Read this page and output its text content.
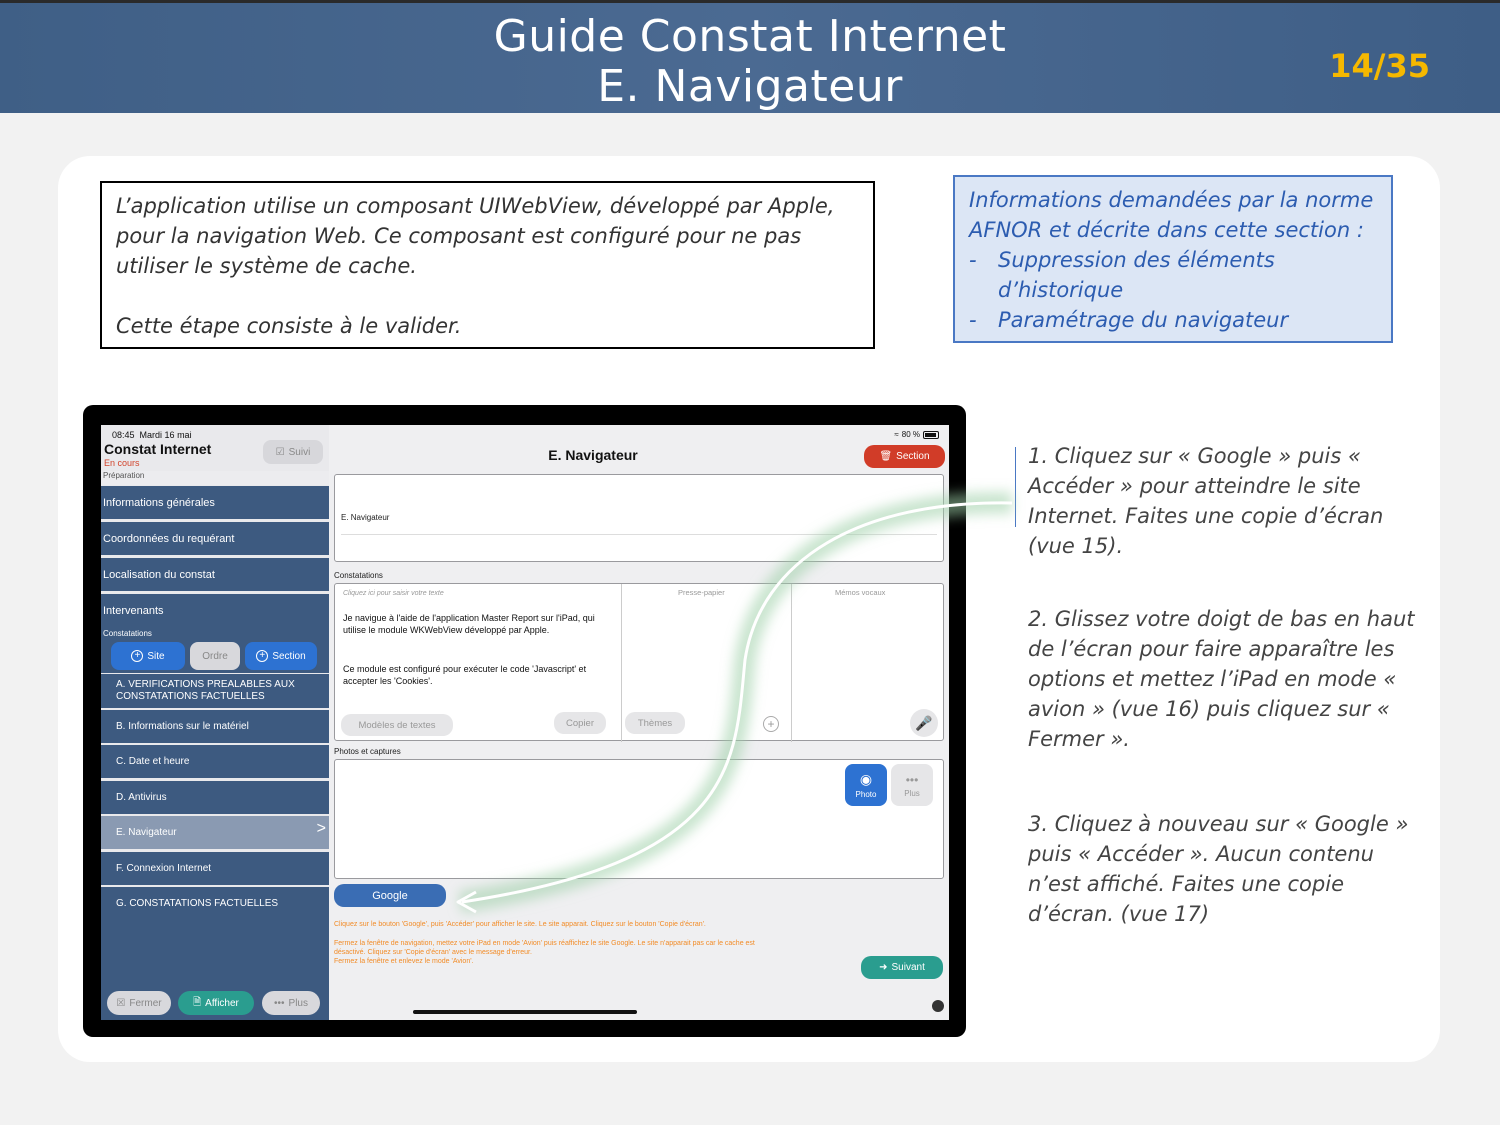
Guide Constat Internet
E. Navigateur	14/35

L’application utilise un composant UIWebView, développé par Apple, pour la navigation Web. Ce composant est configuré pour ne pas utiliser le système de cache.

Cette étape consiste à le valider.

Informations demandées par la norme AFNOR et décrite dans cette section :
-	Suppression des éléments d’historique
-	Paramétrage du navigateur
1. Cliquez sur « Google » puis « Accéder » pour atteindre le site Internet. Faites une copie d’écran (vue 15).
2. Glissez votre doigt de bas en haut de l’écran pour faire apparaître les options et mettez l’iPad en mode « avion » (vue 16) puis cliquez sur « Fermer ».
3. Cliquez à nouveau sur « Google » puis « Accéder ». Aucun contenu n’est affiché. Faites une copie d’écran. (vue 17)
08:45 Mardi 16 mai
Constat Internet
En cours
☑ Suivi
Préparation
Informations générales
Coordonnées du requérant
Localisation du constat
Intervenants
Constatations
+ Site	Ordre	+ Section
A. VERIFICATIONS PREALABLES AUX CONSTATATIONS FACTUELLES
B. Informations sur le matériel
C. Date et heure
D. Antivirus
E. Navigateur	>
F. Connexion Internet
G. CONSTATATIONS FACTUELLES
☒ Fermer	🗎 Afficher	••• Plus
≈ 80 %
E. Navigateur	🗑 Section
E. Navigateur
Constatations
Cliquez ici pour saisir votre texte
Je navigue à l'aide de l'application Master Report sur l'iPad, qui utilise le module WKWebView développé par Apple.
Ce module est configuré pour exécuter le code 'Javascript' et accepter les 'Cookies'.
Presse-papier	Mémos vocaux
Modèles de textes	Copier	Thèmes	+	🎤
Photos et captures
◉
Photo
•••
Plus
Google
Cliquez sur le bouton 'Google', puis 'Accéder' pour afficher le site. Le site apparait. Cliquez sur le bouton 'Copie d'écran'.
Fermez la fenêtre de navigation, mettez votre iPad en mode 'Avion' puis réaffichez le site Google. Le site n'apparait pas car le cache est
désactivé. Cliquez sur 'Copie d'écran' avec le message d'erreur.
Fermez la fenêtre et enlevez le mode 'Avion'.
➜ Suivant
